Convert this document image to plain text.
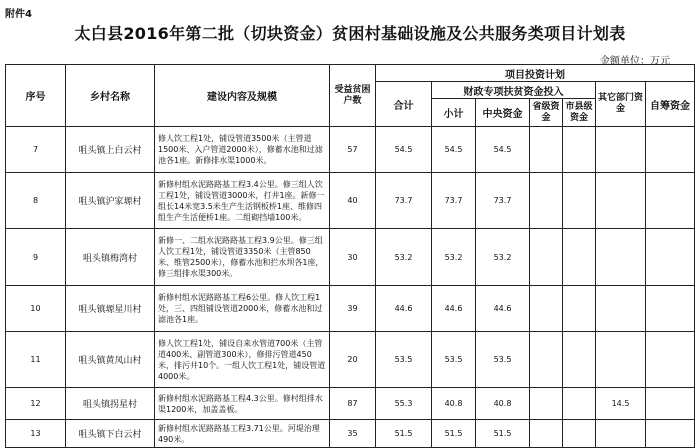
附件4
太白县2016年第二批（切块资金）贫困村基础设施及公共服务类项目计划表
金额单位：万元
序号	乡村名称	建设内容及规模	受益贫困户数	项目投资计划						
				合计	财政专项扶贫资金投入				其它部门资金	自筹资金
					小计	中央资金	省级资金	市县级资金		
7	咀头镇上白云村	修人饮工程1处，铺设管道3500米（主管道1500米、入户管道2000米），修蓄水池和过滤池各1座。新修排水渠1000米。	57	54.5	54.5	54.5				
8	咀头镇沪家塬村	新修村组水泥路路基工程3.4公里。修三组人饮工程1处，铺设管道3000米，打井1座。新修一组长14米宽3.5米生产生活钢板桥1座、维修四组生产生活便桥1座。二组砌挡墙100米。	40	73.7	73.7	73.7				
9	咀头镇梅湾村	新修一、二组水泥路路基工程3.9公里。修三组人饮工程1处，铺设管道3350米（主管850米、维管2500米），修蓄水池和拦水坝各1座，修三组排水渠300米。	30	53.2	53.2	53.2				
10	咀头镇塬星川村	新修村组水泥路路基工程6公里。修人饮工程1处，三、四组铺设管道2000米，修蓄水池和过滤池各1座。	39	44.6	44.6	44.6				
11	咀头镇黄凤山村	修人饮工程1处，铺设自来水管道700米（主管道400米、副管道300米），修排污管道450米，排污井10个。一组人饮工程1处，铺设管道4000米。	20	53.5	53.5	53.5				
12	咀头镇拐星村	新修村组水泥路路基工程4.3公里。修村组排水渠1200米，加盖盖板。	87	55.3	40.8	40.8			14.5	
13	咀头镇下白云村	新修村组水泥路路基工程3.71公里。河堤治理490米。	35	51.5	51.5	51.5				
